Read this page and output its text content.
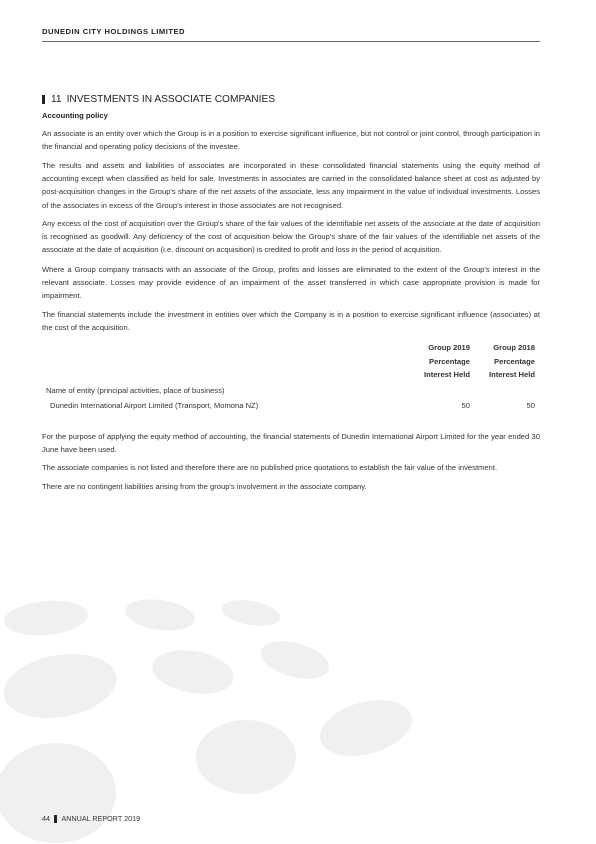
DUNEDIN CITY HOLDINGS LIMITED
11 INVESTMENTS IN ASSOCIATE COMPANIES
Accounting policy

An associate is an entity over which the Group is in a position to exercise significant influence, but not control or joint control, through participation in the financial and operating policy decisions of the investee.

The results and assets and liabilities of associates are incorporated in these consolidated financial statements using the equity method of accounting except when classified as held for sale. Investments in associates are carried in the consolidated balance sheet at cost as adjusted by post-acquisition changes in the Group's share of the net assets of the associate, less any impairment in the value of individual investments. Losses of the associates in excess of the Group's interest in those associates are not recognised.

Any excess of the cost of acquisition over the Group's share of the fair values of the identifiable net assets of the associate at the date of acquisition is recognised as goodwill. Any deficiency of the cost of acquisition below the Group's share of the fair values of the identifiable net assets of the associate at the date of acquisition (i.e. discount on acquisition) is credited to profit and loss in the period of acquisition.

Where a Group company transacts with an associate of the Group, profits and losses are eliminated to the extent of the Group's interest in the relevant associate. Losses may provide evidence of an impairment of the asset transferred in which case appropriate provision is made for impairment.

The financial statements include the investment in entities over which the Company is in a position to exercise significant influence (associates) at the cost of the acquisition.

Group 2019
Percentage
Interest Held
Group 2018
Percentage
Interest Held
Name of entity (principal activities, place of business)
Dunedin International Airport Limited (Transport, Momona NZ)	50	50

For the purpose of applying the equity method of accounting, the financial statements of Dunedin International Airport Limited for the year ended 30 June have been used.

The associate companies is not listed and therefore there are no published price quotations to establish the fair value of the investment.

There are no contingent liabilities arising from the group's involvement in the associate company.

44 ANNUAL REPORT 2019
